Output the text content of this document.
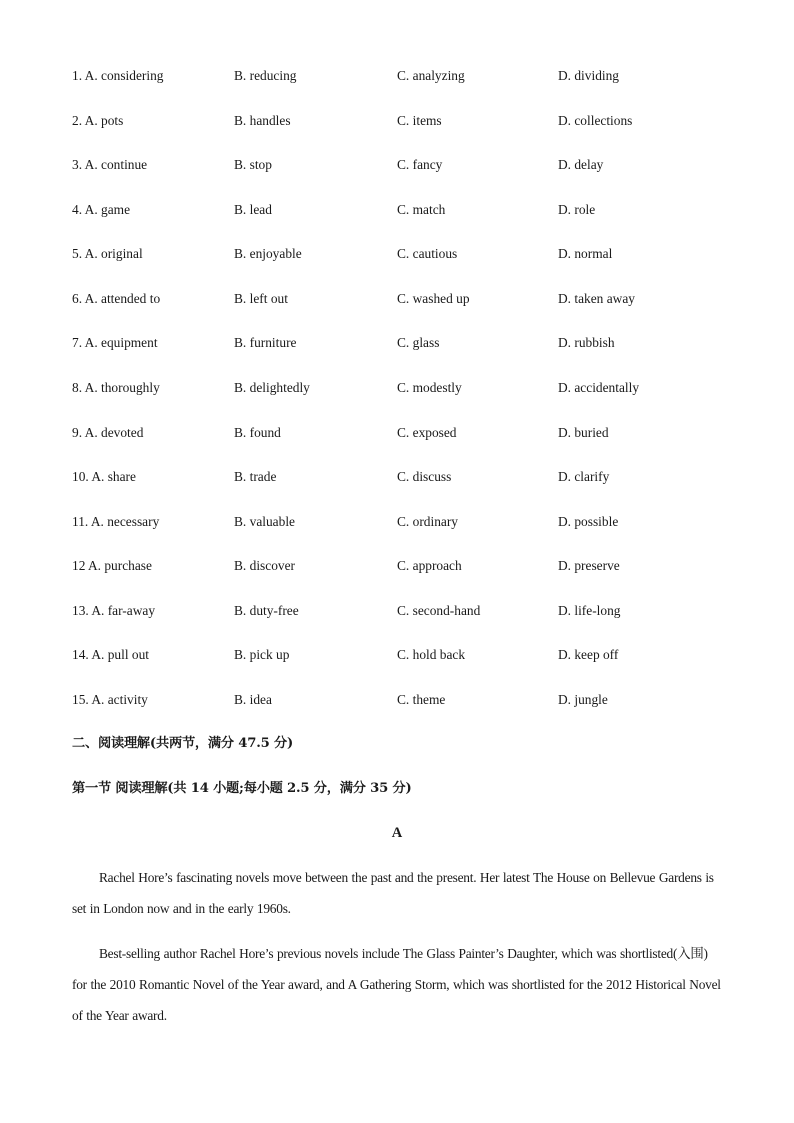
1. A. considering	B. reducing	C. analyzing	D. dividing
2. A. pots	B. handles	C. items	D. collections
3. A. continue	B. stop	C. fancy	D. delay
4. A. game	B. lead	C. match	D. role
5. A. original	B. enjoyable	C. cautious	D. normal
6. A. attended to	B. left out	C. washed up	D. taken away
7. A. equipment	B. furniture	C. glass	D. rubbish
8. A. thoroughly	B. delightedly	C. modestly	D. accidentally
9. A. devoted	B. found	C. exposed	D. buried
10. A. share	B. trade	C. discuss	D. clarify
11. A. necessary	B. valuable	C. ordinary	D. possible
12 A. purchase	B. discover	C. approach	D. preserve
13. A. far-away	B. duty-free	C. second-hand	D. life-long
14. A. pull out	B. pick up	C. hold back	D. keep off
15. A. activity	B. idea	C. theme	D. jungle
二、阅读理解(共两节，满分 47.5 分)
第一节 阅读理解(共 14 小题;每小题 2.5 分，满分 35 分)
A
Rachel Hore’s fascinating novels move between the past and the present. Her latest The House on Bellevue Gardens is set in London now and in the early 1960s.
Best-selling author Rachel Hore’s previous novels include The Glass Painter’s Daughter, which was shortlisted(入围) for the 2010 Romantic Novel of the Year award, and A Gathering Storm, which was shortlisted for the 2012 Historical Novel of the Year award.
